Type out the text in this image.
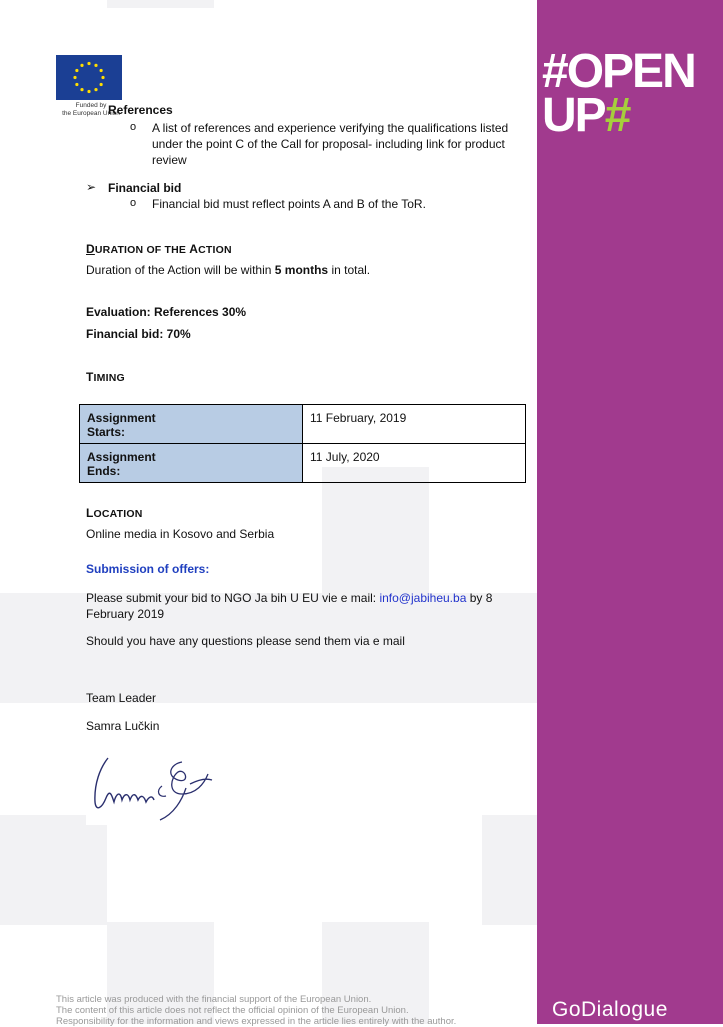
#OPEN
UP#
GoDialogue
Funded by
the European Union
References
o A list of references and experience verifying the qualifications listed under the point C of the Call for proposal- including link for product review
➢ Financial bid
o Financial bid must reflect points A and B of the ToR.
DURATION OF THE ACTION
Duration of the Action will be within 5 months in total.
Evaluation: References 30%
Financial bid: 70%
TIMING
Assignment
Starts:	11 February, 2019

Assignment
Ends:	11 July, 2020
LOCATION
Online media in Kosovo and Serbia
Submission of offers:
Please submit your bid to NGO Ja bih U EU vie e mail: info@jabiheu.ba by 8
February 2019
Should you have any questions please send them via e mail
Team Leader
Samra Lučkin
This article was produced with the financial support of the European Union.
The content of this article does not reflect the official opinion of the European Union.
Responsibility for the information and views expressed in the article lies entirely with the author.
